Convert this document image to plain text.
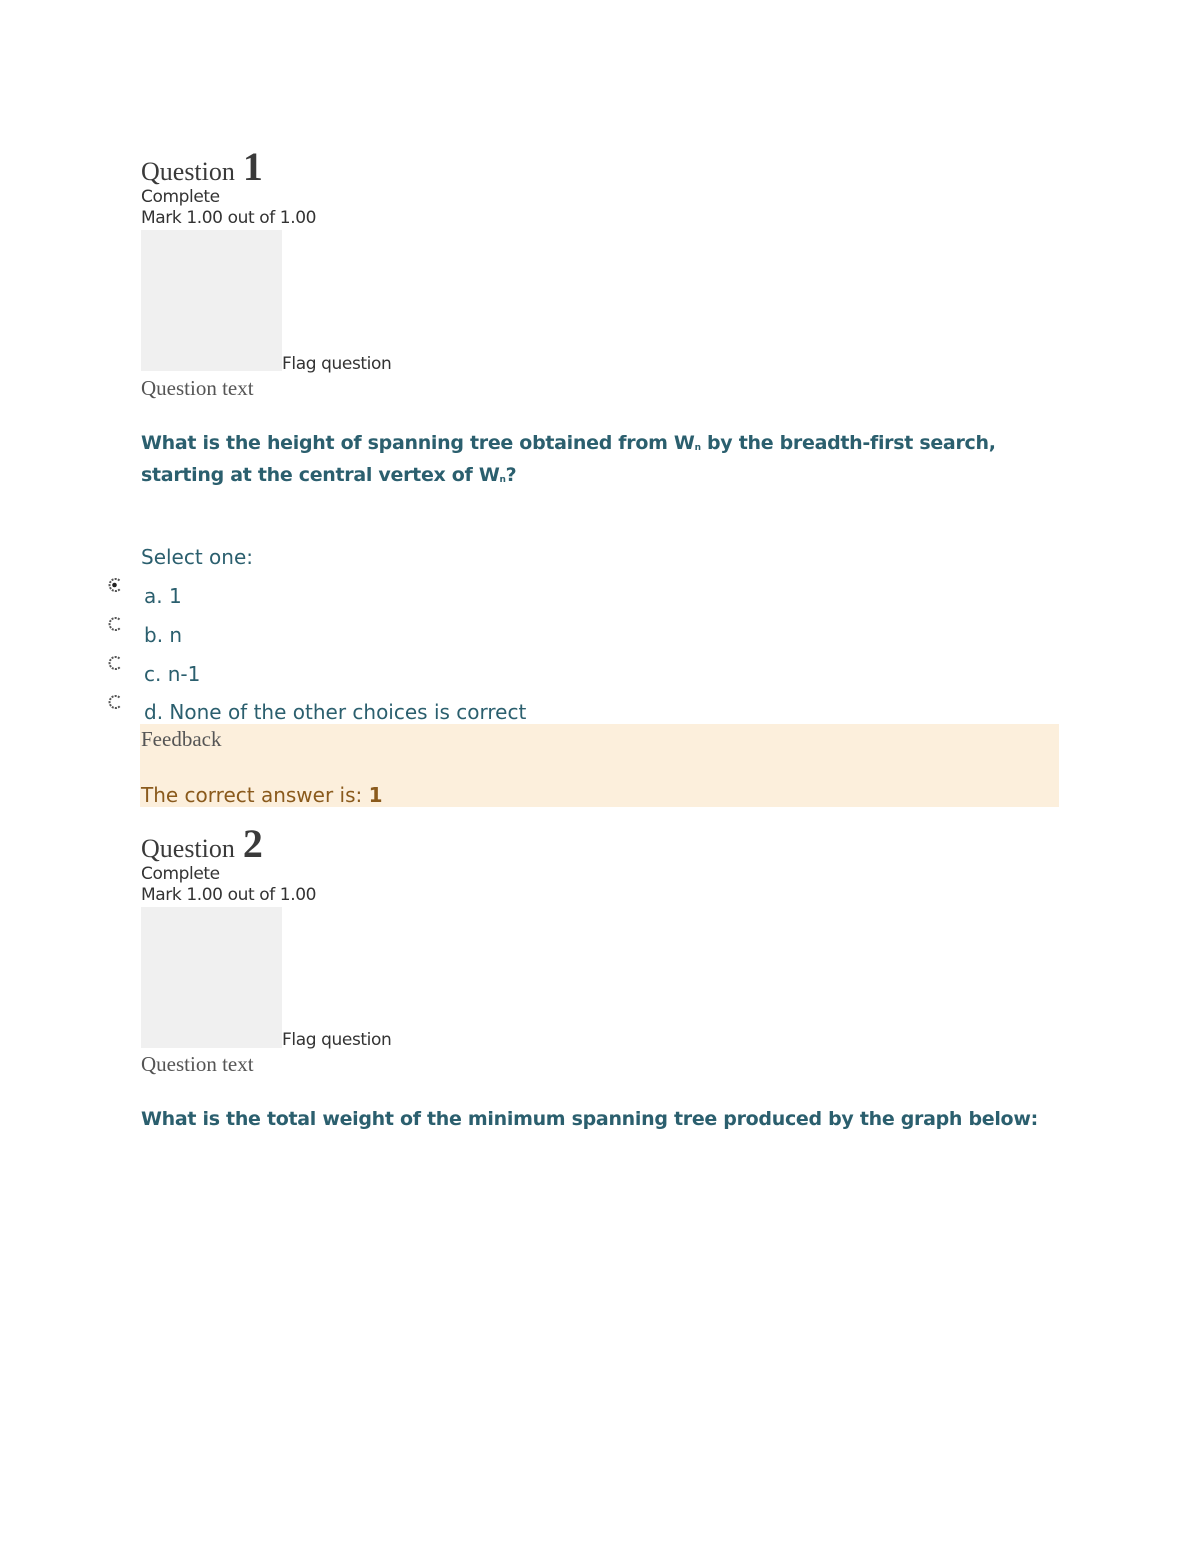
Question 1
Complete
Mark 1.00 out of 1.00
Flag question
Question text
What is the height of spanning tree obtained from $W_n$ by the breadth-first search, starting at the central vertex of $W_n$?
Select one:
a. 1
b. n
c. n-1
d. None of the other choices is correct
Feedback
The correct answer is: 1
Question 2
Complete
Mark 1.00 out of 1.00
Flag question
Question text
What is the total weight of the minimum spanning tree produced by the graph below:
